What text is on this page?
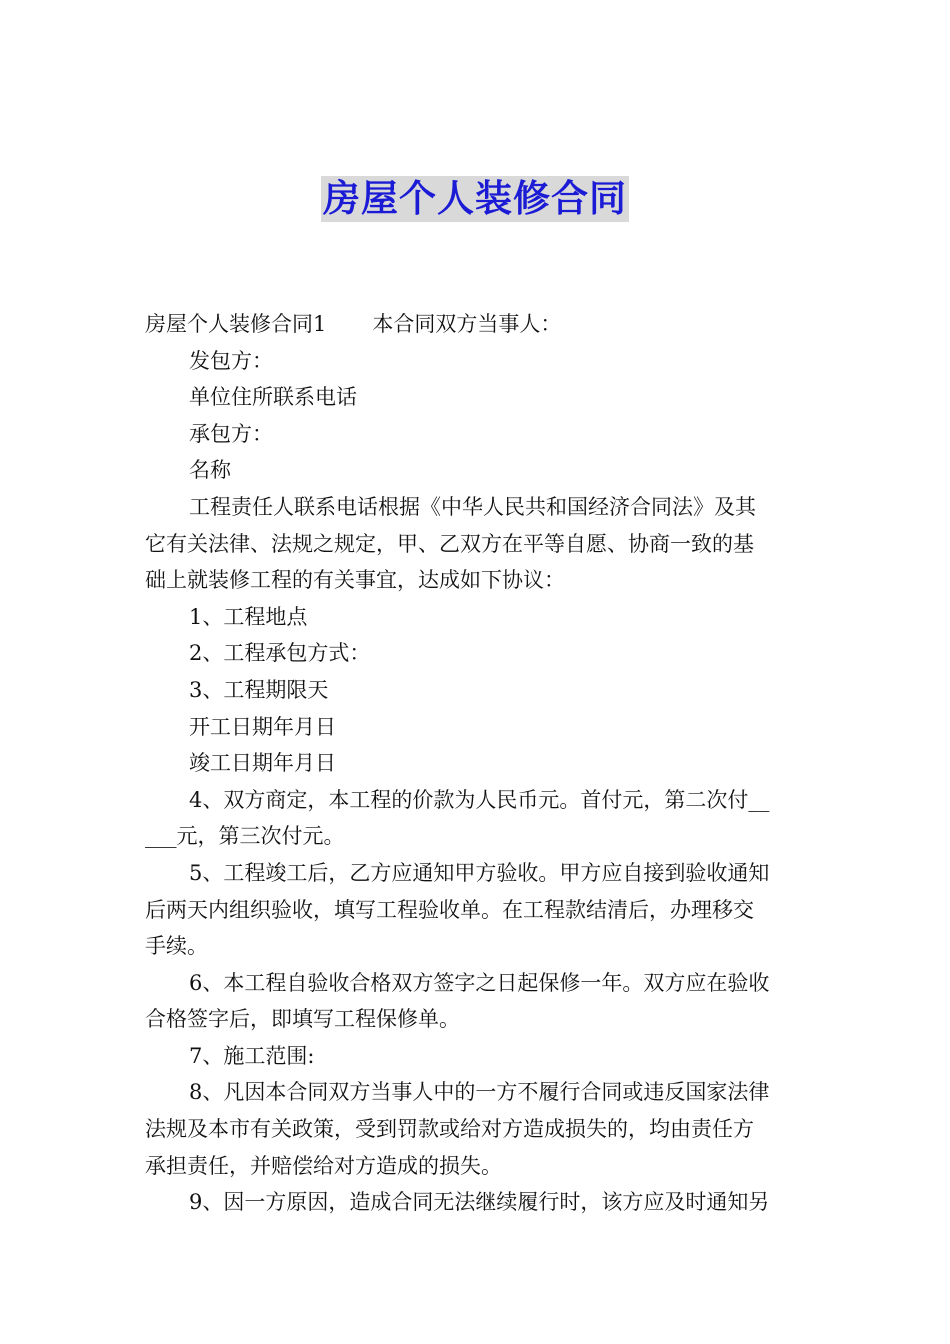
房屋个人装修合同
房屋个人装修合同1 本合同双方当事人：
发包方：
单位住所联系电话
承包方：
名称
工程责任人联系电话根据《中华人民共和国经济合同法》及其
它有关法律、法规之规定，甲、乙双方在平等自愿、协商一致的基
础上就装修工程的有关事宜，达成如下协议：
1、工程地点
2、工程承包方式：
3、工程期限天
开工日期年月日
竣工日期年月日
4、双方商定，本工程的价款为人民币元。首付元，第二次付__
___元，第三次付元。
5、工程竣工后，乙方应通知甲方验收。甲方应自接到验收通知
后两天内组织验收，填写工程验收单。在工程款结清后，办理移交
手续。
6、本工程自验收合格双方签字之日起保修一年。双方应在验收
合格签字后，即填写工程保修单。
7、施工范围:
8、凡因本合同双方当事人中的一方不履行合同或违反国家法律
法规及本市有关政策，受到罚款或给对方造成损失的，均由责任方
承担责任，并赔偿给对方造成的损失。
9、因一方原因，造成合同无法继续履行时，该方应及时通知另
